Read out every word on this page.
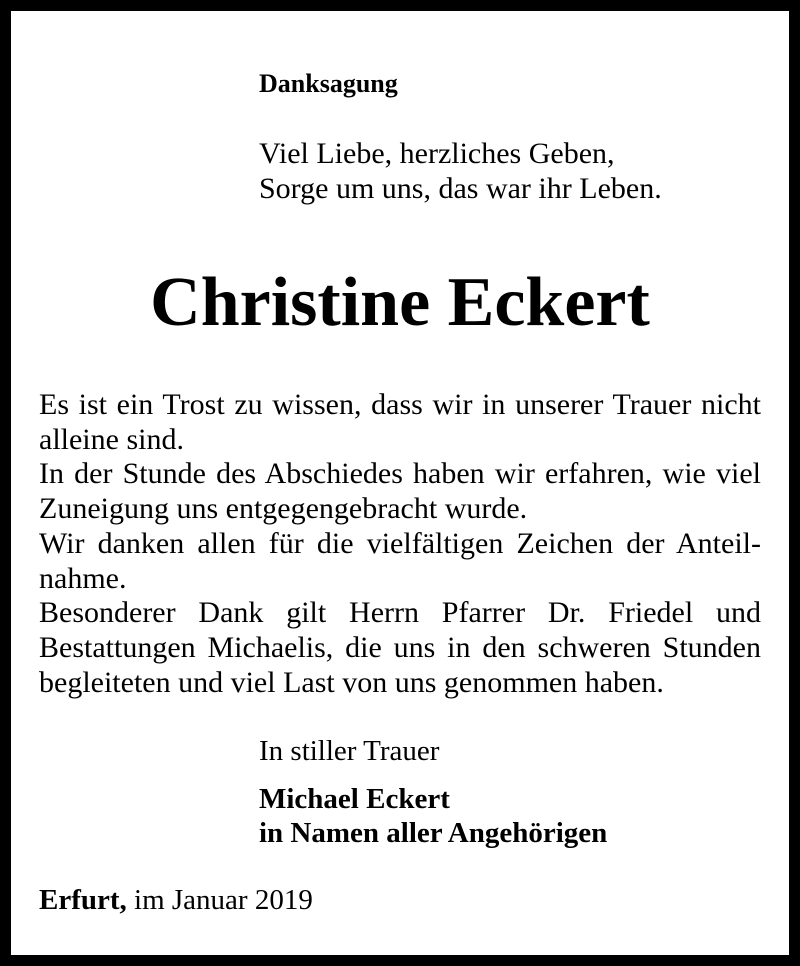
Danksagung
Viel Liebe, herzliches Geben,
Sorge um uns, das war ihr Leben.
Christine Eckert

Es ist ein Trost zu wissen, dass wir in unserer Trauer nicht alleine sind.

In der Stunde des Abschiedes haben wir erfahren, wie viel Zuneigung uns entgegengebracht wurde.

Wir danken allen für die vielfältigen Zeichen der Anteilnahme.

Besonderer Dank gilt Herrn Pfarrer Dr. Friedel und Bestattungen Michaelis, die uns in den schweren Stunden begleiteten und viel Last von uns genommen haben.

In stiller Trauer
Michael Eckert
in Namen aller Angehörigen
Erfurt, im Januar 2019
